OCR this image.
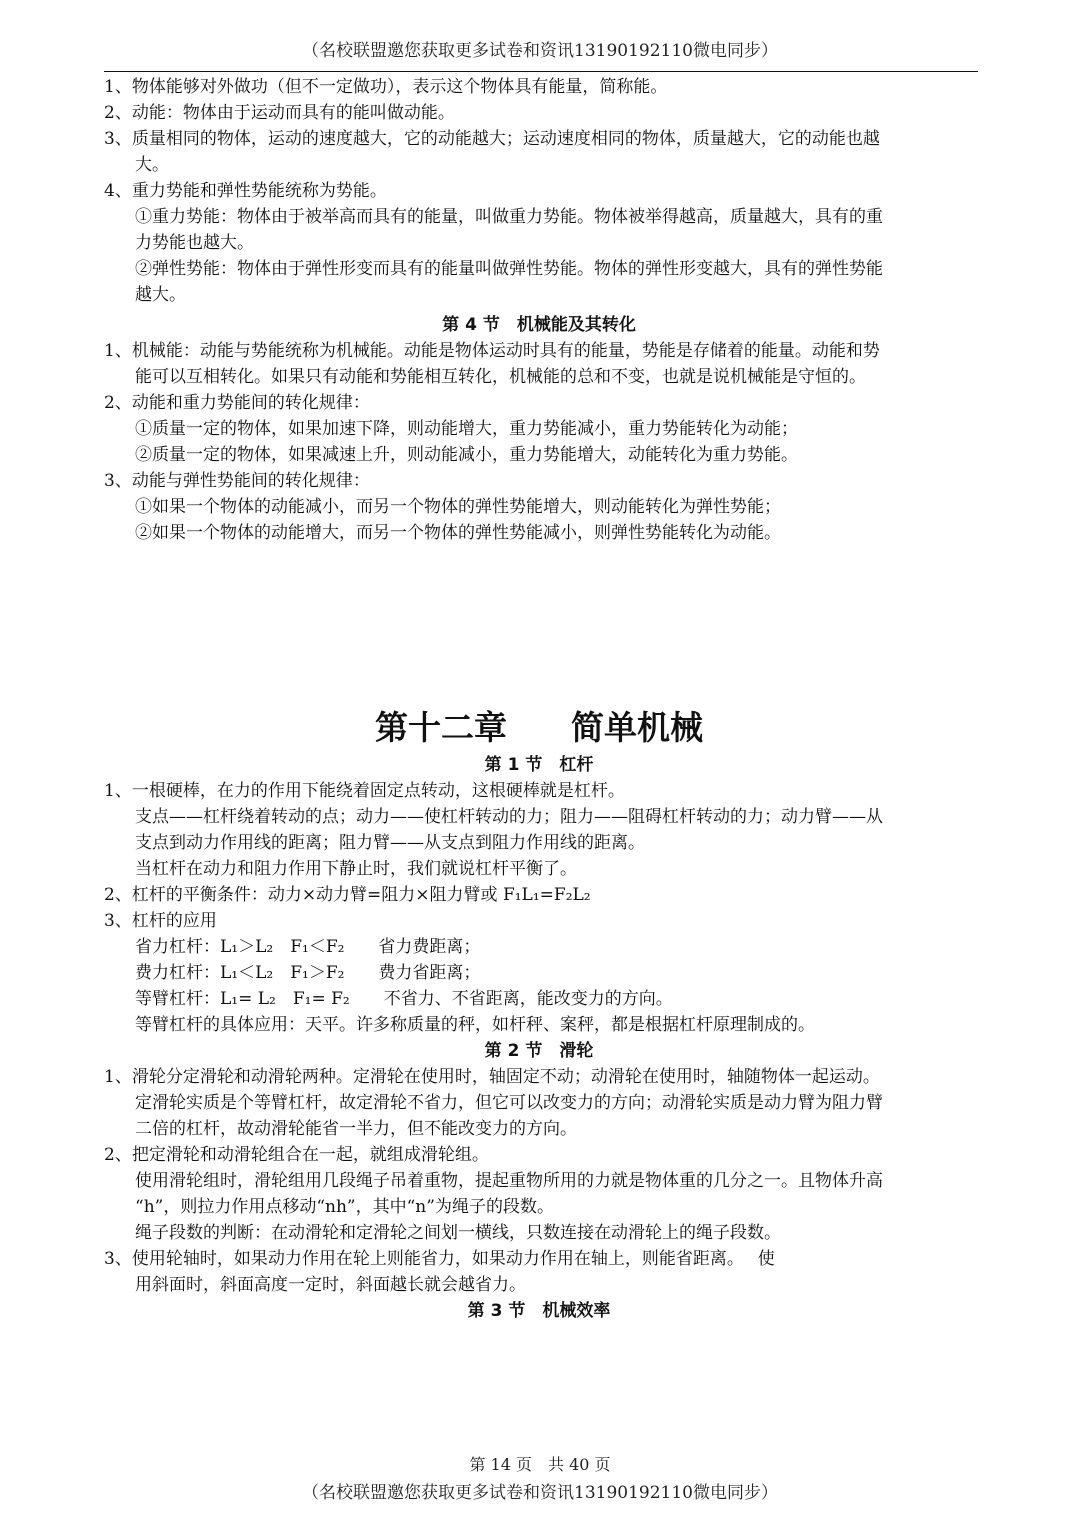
（名校联盟邀您获取更多试卷和资讯13190192110微电同步）
1、物体能够对外做功（但不一定做功），表示这个物体具有能量，简称能。
2、动能：物体由于运动而具有的能叫做动能。
3、质量相同的物体，运动的速度越大，它的动能越大；运动速度相同的物体，质量越大，它的动能也越
大。
4、重力势能和弹性势能统称为势能。
①重力势能：物体由于被举高而具有的能量，叫做重力势能。物体被举得越高，质量越大，具有的重
力势能也越大。
②弹性势能：物体由于弹性形变而具有的能量叫做弹性势能。物体的弹性形变越大，具有的弹性势能
越大。
第 4 节　机械能及其转化
1、机械能：动能与势能统称为机械能。动能是物体运动时具有的能量，势能是存储着的能量。动能和势
能可以互相转化。如果只有动能和势能相互转化，机械能的总和不变，也就是说机械能是守恒的。
2、动能和重力势能间的转化规律：
①质量一定的物体，如果加速下降，则动能增大，重力势能减小，重力势能转化为动能；
②质量一定的物体，如果减速上升，则动能减小，重力势能增大，动能转化为重力势能。
3、动能与弹性势能间的转化规律：
①如果一个物体的动能减小，而另一个物体的弹性势能增大，则动能转化为弹性势能；
②如果一个物体的动能增大，而另一个物体的弹性势能减小，则弹性势能转化为动能。
第十二章 简单机械
第 1 节　杠杆
1、一根硬棒，在力的作用下能绕着固定点转动，这根硬棒就是杠杆。
支点——杠杆绕着转动的点；动力——使杠杆转动的力；阻力——阻碍杠杆转动的力；动力臂——从
支点到动力作用线的距离；阻力臂——从支点到阻力作用线的距离。
当杠杆在动力和阻力作用下静止时，我们就说杠杆平衡了。
2、杠杆的平衡条件：动力×动力臂=阻力×阻力臂或 F₁L₁=F₂L₂
3、杠杆的应用
省力杠杆：L₁＞L₂　F₁＜F₂　　省力费距离；
费力杠杆：L₁＜L₂　F₁＞F₂　　费力省距离；
等臂杠杆：L₁= L₂　F₁= F₂　　不省力、不省距离，能改变力的方向。
等臂杠杆的具体应用：天平。许多称质量的秤，如杆秤、案秤，都是根据杠杆原理制成的。
第 2 节　滑轮
1、滑轮分定滑轮和动滑轮两种。定滑轮在使用时，轴固定不动；动滑轮在使用时，轴随物体一起运动。
定滑轮实质是个等臂杠杆，故定滑轮不省力，但它可以改变力的方向；动滑轮实质是动力臂为阻力臂
二倍的杠杆，故动滑轮能省一半力，但不能改变力的方向。
2、把定滑轮和动滑轮组合在一起，就组成滑轮组。
使用滑轮组时，滑轮组用几段绳子吊着重物，提起重物所用的力就是物体重的几分之一。且物体升高
“h”，则拉力作用点移动“nh”，其中“n”为绳子的段数。
绳子段数的判断：在动滑轮和定滑轮之间划一横线，只数连接在动滑轮上的绳子段数。
3、使用轮轴时，如果动力作用在轮上则能省力，如果动力作用在轴上，则能省距离。　 使
用斜面时，斜面高度一定时，斜面越长就会越省力。
第 3 节　机械效率
第 14 页　共 40 页
（名校联盟邀您获取更多试卷和资讯13190192110微电同步）
